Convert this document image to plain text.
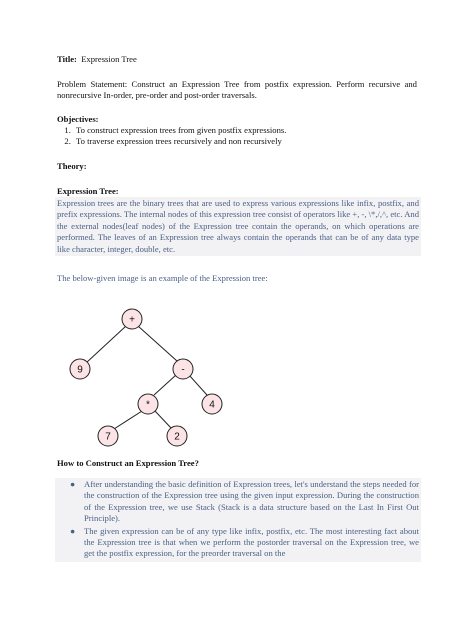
Title: Expression Tree
Problem Statement: Construct an Expression Tree from postfix expression. Perform recursive and nonrecursive In-order, pre-order and post-order traversals.
Objectives:
1. To construct expression trees from given postfix expressions.
2. To traverse expression trees recursively and non recursively
Theory:
Expression Tree:
Expression trees are the binary trees that are used to express various expressions like infix, postfix, and prefix expressions. The internal nodes of this expression tree consist of operators like +, -, \*,/,^, etc. And the external nodes(leaf nodes) of the Expression tree contain the operands, on which operations are performed. The leaves of an Expression tree always contain the operands that can be of any data type like character, integer, double, etc.
The below-given image is an example of the Expression tree:
+
9	-
*	4
7	2
How to Construct an Expression Tree?
● After understanding the basic definition of Expression trees, let's understand the steps needed for the construction of the Expression tree using the given input expression. During the construction of the Expression tree, we use Stack (Stack is a data structure based on the Last In First Out Principle).
● The given expression can be of any type like infix, postfix, etc. The most interesting fact about the Expression tree is that when we perform the postorder traversal on the Expression tree, we get the postfix expression, for the preorder traversal on the
